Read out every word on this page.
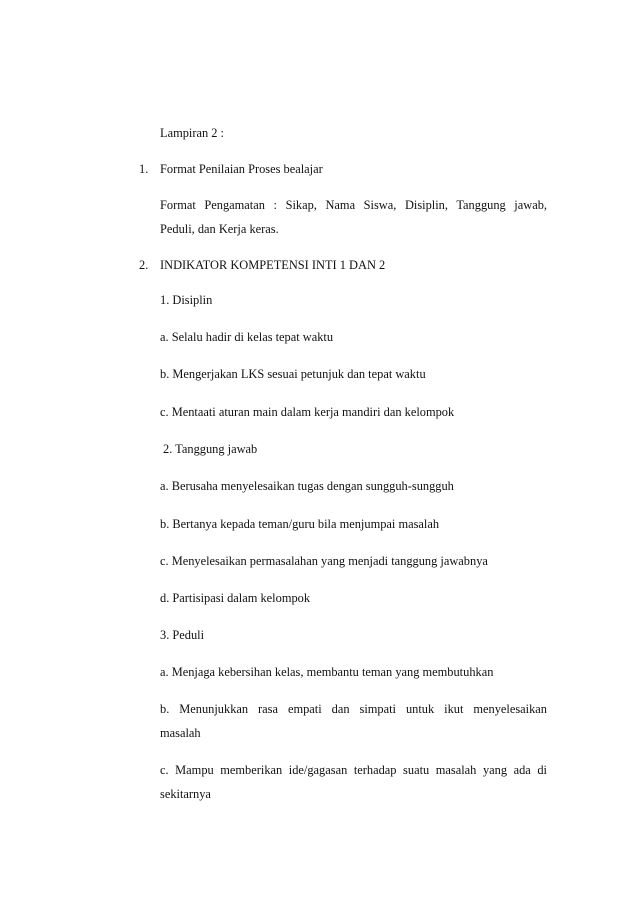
Lampiran 2 :
1. Format Penilaian Proses bealajar
Format Pengamatan : Sikap, Nama Siswa, Disiplin, Tanggung jawab,
Peduli, dan Kerja keras.
2. INDIKATOR KOMPETENSI INTI 1 DAN 2
1. Disiplin
a. Selalu hadir di kelas tepat waktu
b. Mengerjakan LKS sesuai petunjuk dan tepat waktu
c. Mentaati aturan main dalam kerja mandiri dan kelompok
2. Tanggung jawab
a. Berusaha menyelesaikan tugas dengan sungguh-sungguh
b. Bertanya kepada teman/guru bila menjumpai masalah
c. Menyelesaikan permasalahan yang menjadi tanggung jawabnya
d. Partisipasi dalam kelompok
3. Peduli
a. Menjaga kebersihan kelas, membantu teman yang membutuhkan
b. Menunjukkan rasa empati dan simpati untuk ikut menyelesaikan
masalah
c. Mampu memberikan ide/gagasan terhadap suatu masalah yang ada di
sekitarnya
